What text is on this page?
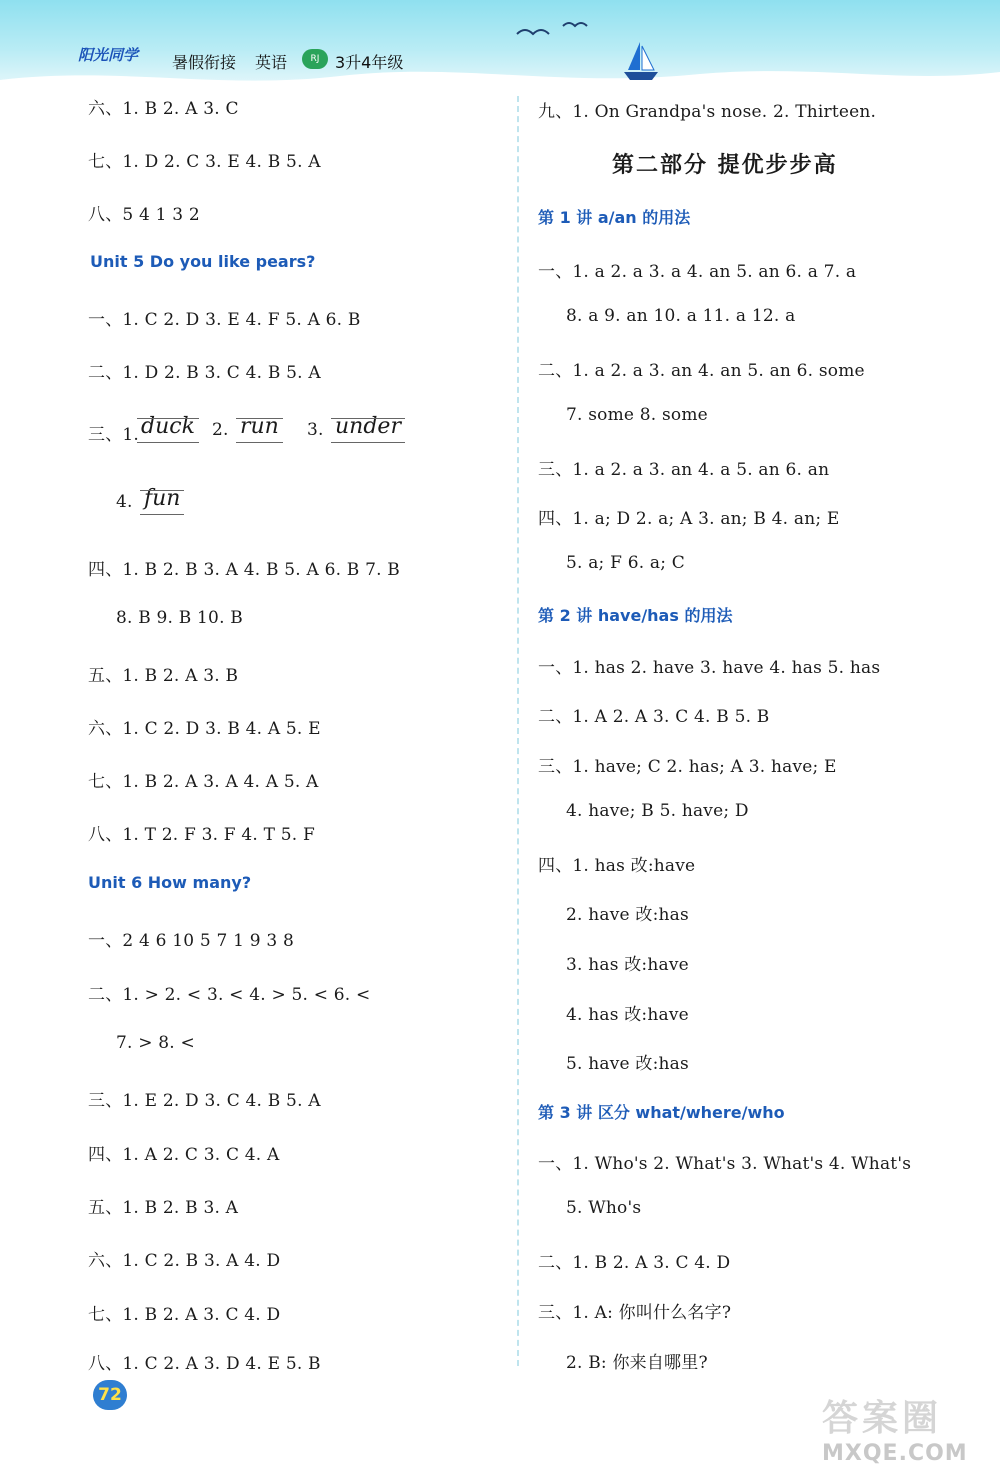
阳光同学 暑假衔接 英语	RJ 3升4年级
六、1. B 2. A 3. C
七、1. D 2. C 3. E 4. B 5. A
八、5 4 1 3 2
Unit 5 Do you like pears?
一、1. C 2. D 3. E 4. F 5. A 6. B
二、1. D 2. B 3. C 4. B 5. A
三、1. duck 2. run 3. under
4. fun
四、1. B 2. B 3. A 4. B 5. A 6. B 7. B
8. B 9. B 10. B
五、1. B 2. A 3. B
六、1. C 2. D 3. B 4. A 5. E
七、1. B 2. A 3. A 4. A 5. A
八、1. T 2. F 3. F 4. T 5. F
Unit 6 How many?
一、2 4 6 10 5 7 1 9 3 8
二、1. > 2. < 3. < 4. > 5. < 6. <
7. > 8. <
三、1. E 2. D 3. C 4. B 5. A
四、1. A 2. C 3. C 4. A
五、1. B 2. B 3. A
六、1. C 2. B 3. A 4. D
七、1. B 2. A 3. C 4. D
八、1. C 2. A 3. D 4. E 5. B
九、1. On Grandpa's nose. 2. Thirteen.
第二部分 提优步步高
第 1 讲 a/an 的用法
一、1. a 2. a 3. a 4. an 5. an 6. a 7. a
8. a 9. an 10. a 11. a 12. a
二、1. a 2. a 3. an 4. an 5. an 6. some
7. some 8. some
三、1. a 2. a 3. an 4. a 5. an 6. an
四、1. a; D 2. a; A 3. an; B 4. an; E
5. a; F 6. a; C
第 2 讲 have/has 的用法
一、1. has 2. have 3. have 4. has 5. has
二、1. A 2. A 3. C 4. B 5. B
三、1. have; C 2. has; A 3. have; E
4. have; B 5. have; D
四、1. has 改:have
2. have 改:has
3. has 改:have
4. has 改:have
5. have 改:has
第 3 讲 区分 what/where/who
一、1. Who's 2. What's 3. What's 4. What's
5. Who's
二、1. B 2. A 3. C 4. D
三、1. A: 你叫什么名字?
2. B: 你来自哪里?
72
答案圈
MXQE.COM
